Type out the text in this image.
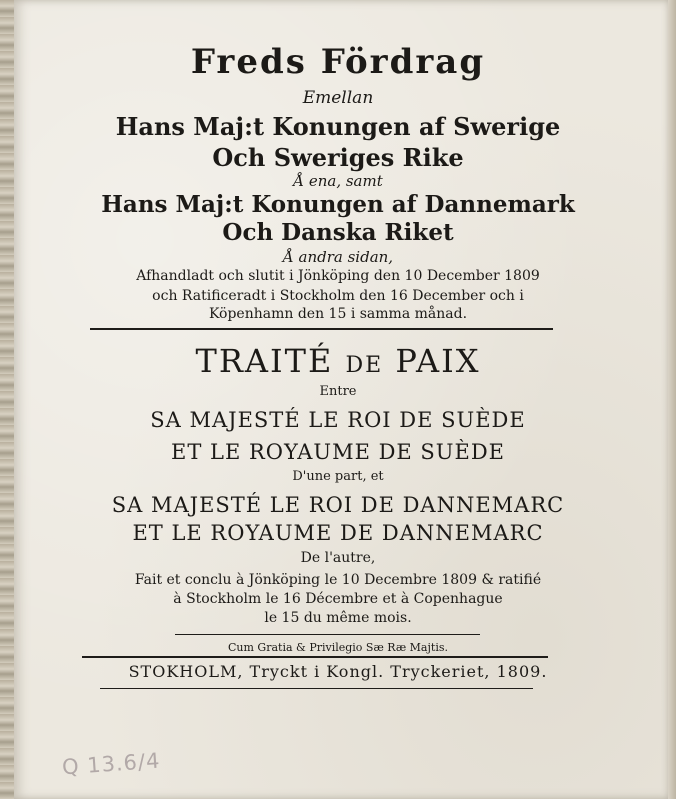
Freds Fördrag
Emellan
Hans Maj:t Konungen af Swerige
Och Sweriges Rike
Å ena, samt
Hans Maj:t Konungen af Dannemark
Och Danska Riket
Å andra sidan,
Afhandladt och slutit i Jönköping den 10 December 1809
och Ratificeradt i Stockholm den 16 December och i
Köpenhamn den 15 i samma månad.
TRAITÉ DE PAIX
Entre
SA MAJESTÉ LE ROI DE SUÈDE
ET LE ROYAUME DE SUÈDE
D'une part, et
SA MAJESTÉ LE ROI DE DANNEMARC
ET LE ROYAUME DE DANNEMARC
De l'autre,
Fait et conclu à Jönköping le 10 Decembre 1809 & ratifié
à Stockholm le 16 Décembre et à Copenhague
le 15 du même mois.
Cum Gratia & Privilegio Sæ Ræ Majtis.
STOKHOLM, Tryckt i Kongl. Tryckeriet, 1809.
Q 13.6/4
